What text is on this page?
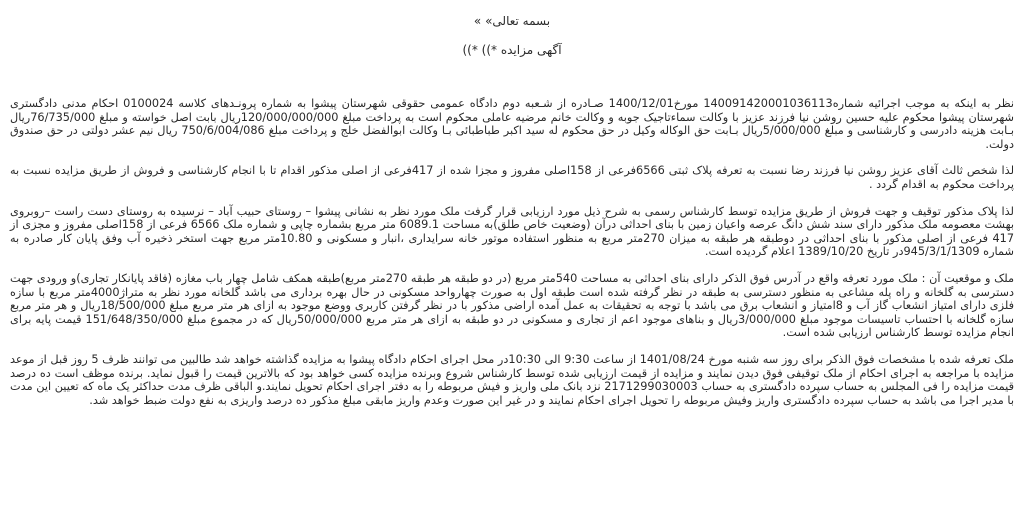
بسمه تعالی» »
آگهی مزایده *)) *))

نظر به اینکه به موجب اجرائیه شماره140091420001036113 مورخ1400/12/01 صـادره از شـعبه دوم دادگاه عمومی حقوقی شهرستان پیشوا به شماره پرونـدهای کلاسه 0100024 احکام مدنی دادگستری شهرستان پیشوا محکوم علیه حسین روشن نیا فرزند عزیز با وکالت سماءتاجیک جوبه و وکالت خانم مرضیه عاملی محکوم است به پرداخت مبلغ 120/000/000/000ریال بابت اصل خواسته و مبلغ 76/735/000ریال بـابت هزینه دادرسی و کارشناسی و مبلغ 5/000/000ریال بـابت حق الوکاله وکیل در حق محکوم له سید اکبر طباطبائی بـا وکالت ابوالفضل خلج و پرداخت مبلغ 750/6/004/086 ریال نیم عشر دولتی در حق صندوق دولت.

لذا شخص ثالث آقای عزیز روشن نیا فرزند رضا نسبت به تعرفه پلاک ثبتی 6566فرعی از 158اصلی مفروز و مجزا شده از 417فرعی از اصلی مذکور اقدام تا با انجام کارشناسی و فروش از طریق مزایده نسبت به پرداخت محکوم به اقدام گردد .

لذا پلاک مذکور توقیف و جهت فروش از طریق مزایده توسط کارشناس رسمی به شرح ذیل مورد ارزیابی قرار گرفت ملک مورد نظر به نشانی پیشوا – روستای حبیب آباد – نرسیده به روستای دست راست –روبروی بهشت معصومه ملک مذکور دارای سند شش دانگ عرصه واعیان زمین با بنای احداثی درآن (وضعیت خاص طلق)به مساحت 6089.1 متر مربع بشماره چاپی و شماره ملک 6566 فرعی از 158اصلی مفروز و مجزی از 417 فرعی از اصلی مذکور با بنای احداثی در دوطبقه هر طبقه به میزان 270متر مربع به منظور استفاده موتور خانه سرایداری ،انبار و مسکونی و 10.80متر مربع جهت استخر ذخیره آب وفق پایان کار صادره به شماره 945/3/1/1309در تاریخ 1389/10/20 اعلام گردیده است.

ملک و موقعیت آن : ملک مورد تعرفه واقع در آدرس فوق الذکر دارای بنای احداثی به مساحت 540متر مربع (در دو طبقه هر طبقه 270متر مربع)طبقه همکف شامل چهار باب مغازه (فاقد پایانکار تجاری)و ورودی جهت دسترسی به گلخانه و راه پله مشاعی به منظور دسترسی به طبقه در نظر گرفته شده است طبقه اول به صورت چهارواحد مسکونی در حال بهره برداری می باشد گلخانه مورد نظر به متراژ4000متر مربع با سازه فلزی دارای امتیاز انشعاب گاز آب و 8امتیاز و انشعاب برق می باشد با توجه به تحقیقات به عمل آمده اراضی مذکور با در نظر گرفتن کاربری ووضع موجود به ازای هر متر مربع مبلغ 18/500/000ریال و هر متر مربع سازه گلخانه با احتساب تاسیسات موجود مبلغ 3/000/000ریال و بناهای موجود اعم از تجاری و مسکونی در دو طبقه به ازای هر متر مربع 50/000/000ریال که در مجموع مبلغ 151/648/350/000 قیمت پایه برای انجام مزایده توسط کارشناس ارزیابی شده است.

ملک تعرفه شده با مشخصات فوق الذکر برای روز سه شنبه مورخ 1401/08/24 از ساعت 9:30 الی 10:30در محل اجرای احکام دادگاه پیشوا به مزایده گذاشته خواهد شد طالبین می توانند ظرف 5 روز قبل از موعد مزایده با مراجعه به اجرای احکام از ملک توقیفی فوق دیدن نمایند و مزایده از قیمت ارزیابی شده توسط کارشناس شروع وبرنده مزایده کسی خواهد بود که بالاترین قیمت را قبول نماید. برنده موظف است ده درصد قیمت مزایده را فی المجلس به حساب سپرده دادگستری به حساب 2171299030003 نزد بانک ملی واریز و فیش مربوطه را به دفتر اجرای احکام تحویل نمایند.و الباقی ظرف مدت حداکثر یک ماه که تعیین این مدت با مدیر اجرا می باشد به حساب سپرده دادگستری واریز وفیش مربوطه را تحویل اجرای احکام نمایند و در غیر این صورت وعدم واریز مابقی مبلغ مذکور ده درصد واریزی به نفع دولت ضبط خواهد شد.
